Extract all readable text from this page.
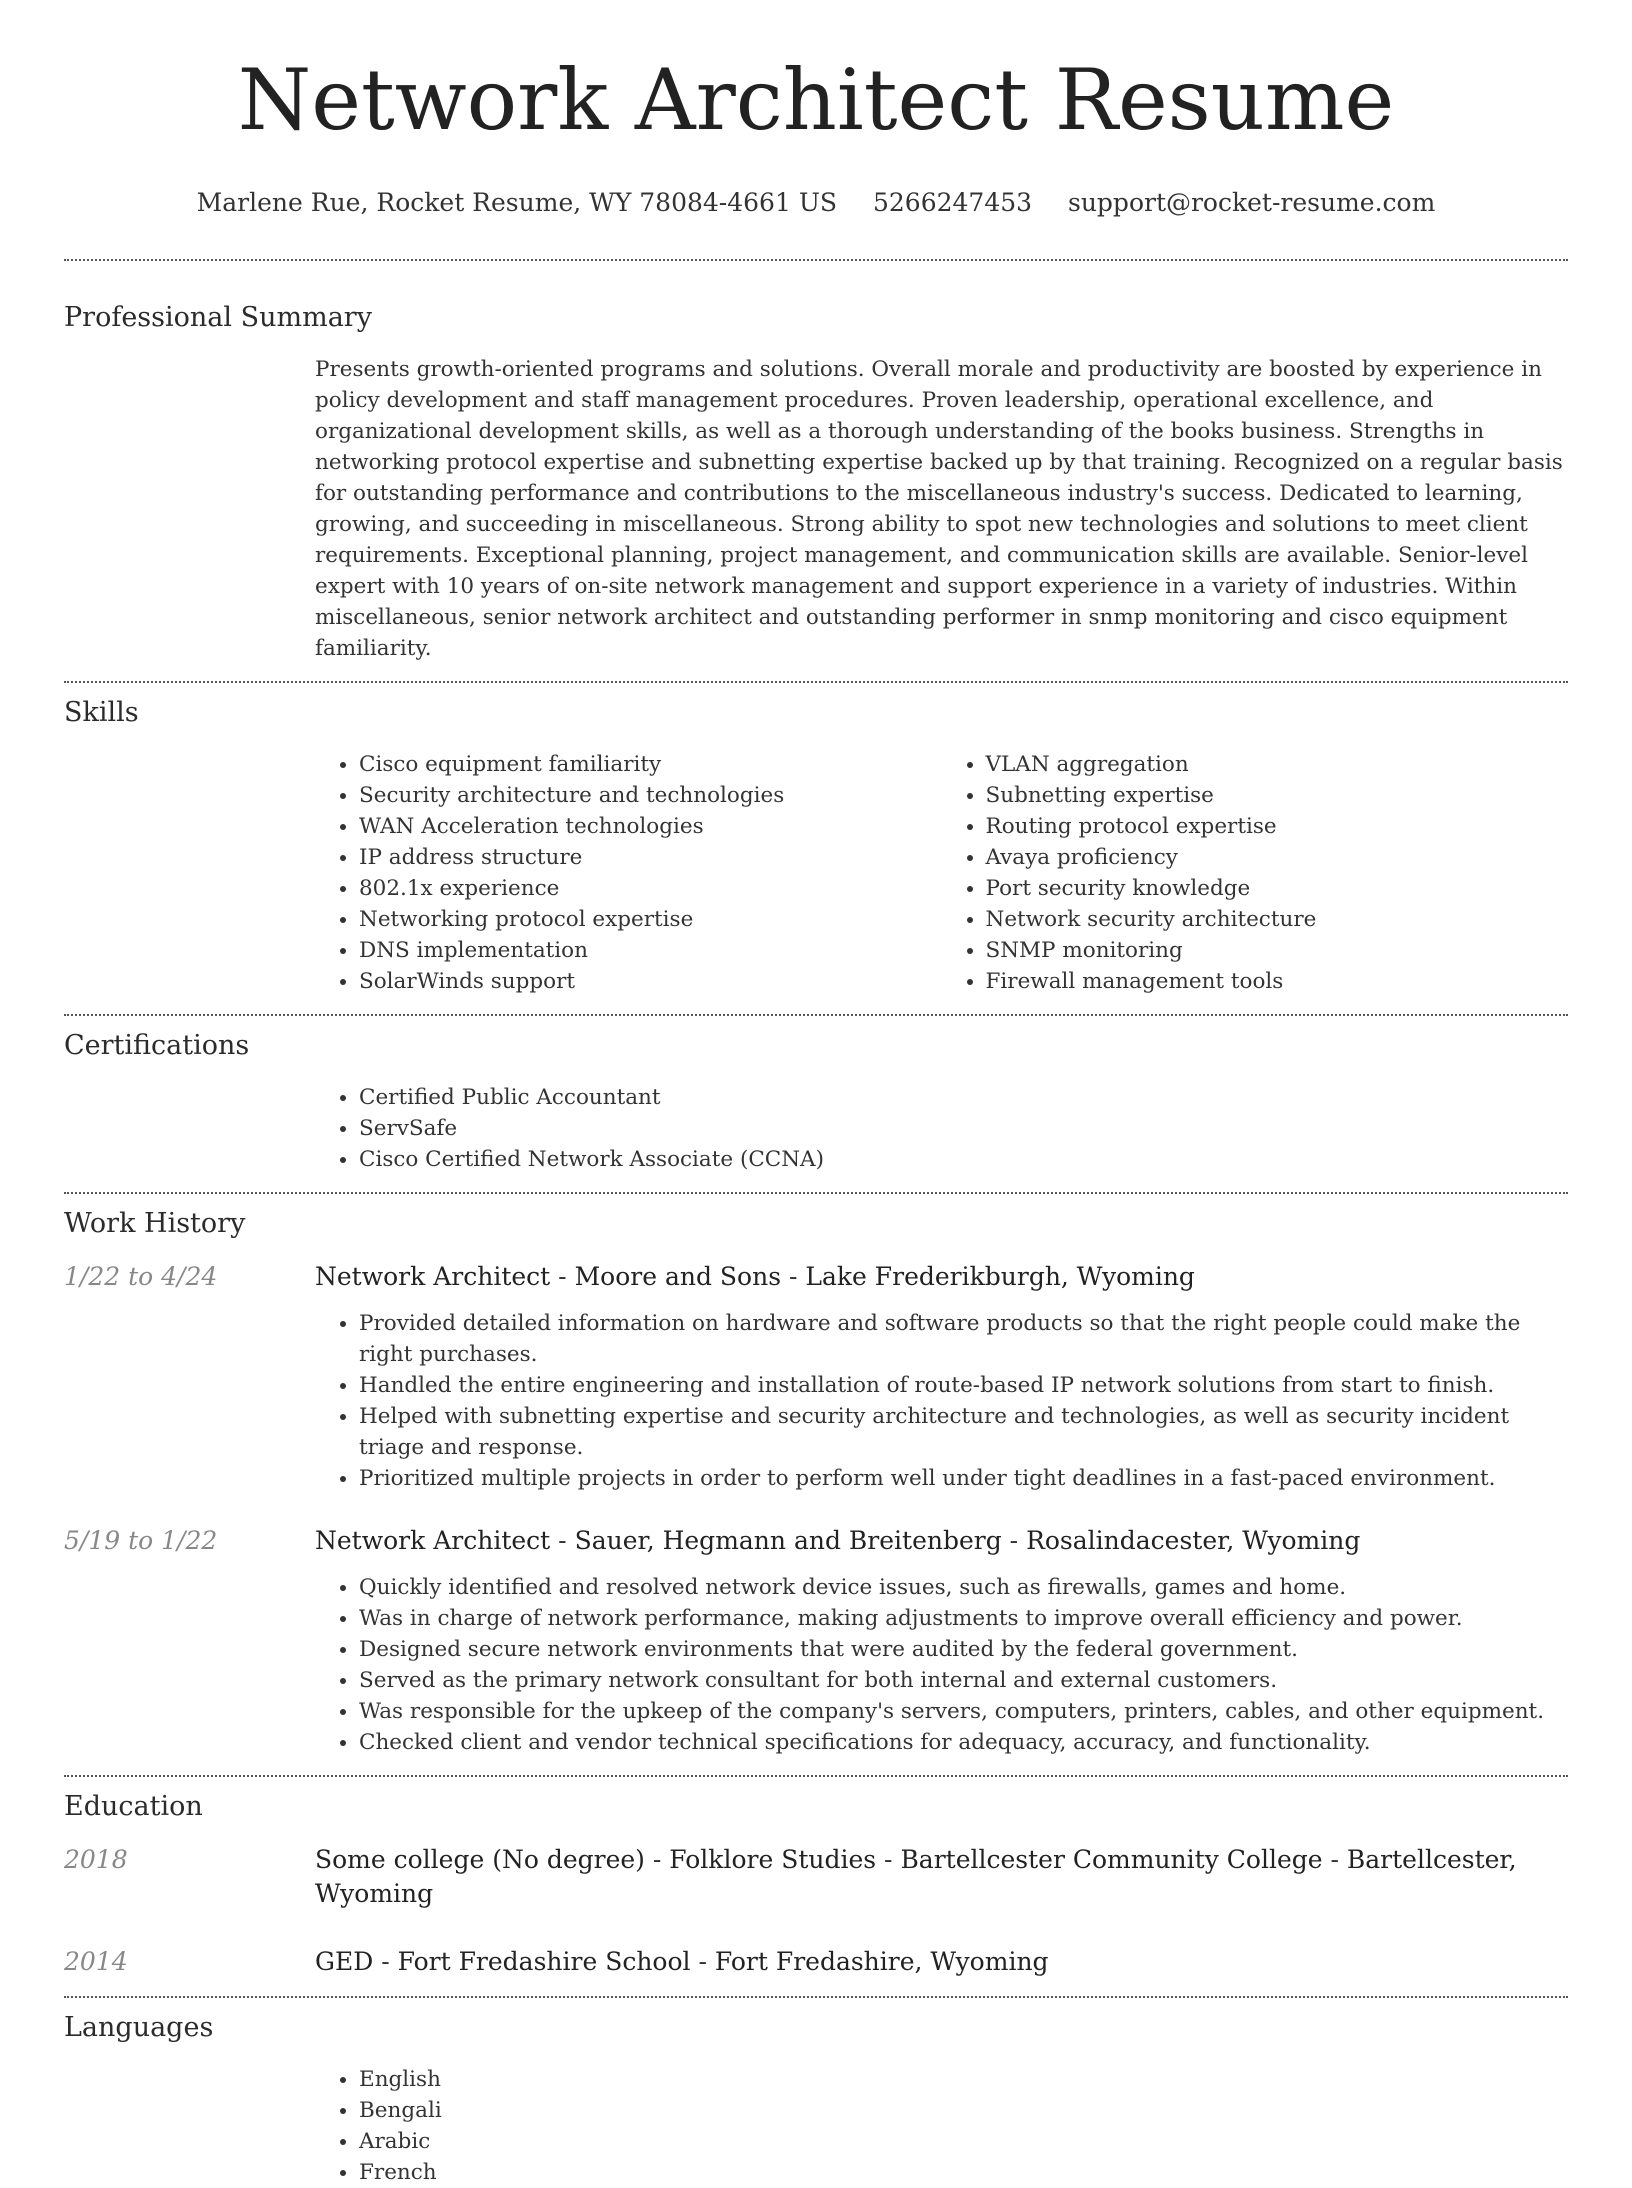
Network Architect Resume
Marlene Rue, Rocket Resume, WY 78084-4661 US 5266247453 support@rocket-resume.com
Professional Summary

Presents growth-oriented programs and solutions. Overall morale and productivity are boosted by experience in policy development and staff management procedures. Proven leadership, operational excellence, and organizational development skills, as well as a thorough understanding of the books business. Strengths in networking protocol expertise and subnetting expertise backed up by that training. Recognized on a regular basis for outstanding performance and contributions to the miscellaneous industry's success. Dedicated to learning, growing, and succeeding in miscellaneous. Strong ability to spot new technologies and solutions to meet client requirements. Exceptional planning, project management, and communication skills are available. Senior-level expert with 10 years of on-site network management and support experience in a variety of industries. Within miscellaneous, senior network architect and outstanding performer in snmp monitoring and cisco equipment familiarity.

Skills
• Cisco equipment familiarity
• Security architecture and technologies
• WAN Acceleration technologies
• IP address structure
• 802.1x experience
• Networking protocol expertise
• DNS implementation
• SolarWinds support
• VLAN aggregation
• Subnetting expertise
• Routing protocol expertise
• Avaya proficiency
• Port security knowledge
• Network security architecture
• SNMP monitoring
• Firewall management tools
Certifications
• Certified Public Accountant
• ServSafe
• Cisco Certified Network Associate (CCNA)
Work History
1/22 to 4/24	Network Architect - Moore and Sons - Lake Frederikburgh, Wyoming
• Provided detailed information on hardware and software products so that the right people could make the right purchases.
• Handled the entire engineering and installation of route-based IP network solutions from start to finish.
• Helped with subnetting expertise and security architecture and technologies, as well as security incident triage and response.
• Prioritized multiple projects in order to perform well under tight deadlines in a fast-paced environment.
5/19 to 1/22	Network Architect - Sauer, Hegmann and Breitenberg - Rosalindacester, Wyoming
• Quickly identified and resolved network device issues, such as firewalls, games and home.
• Was in charge of network performance, making adjustments to improve overall efficiency and power.
• Designed secure network environments that were audited by the federal government.
• Served as the primary network consultant for both internal and external customers.
• Was responsible for the upkeep of the company's servers, computers, printers, cables, and other equipment.
• Checked client and vendor technical specifications for adequacy, accuracy, and functionality.
Education
2018	Some college (No degree) - Folklore Studies - Bartellcester Community College - Bartellcester, Wyoming
2014	GED - Fort Fredashire School - Fort Fredashire, Wyoming
Languages
• English
• Bengali
• Arabic
• French
